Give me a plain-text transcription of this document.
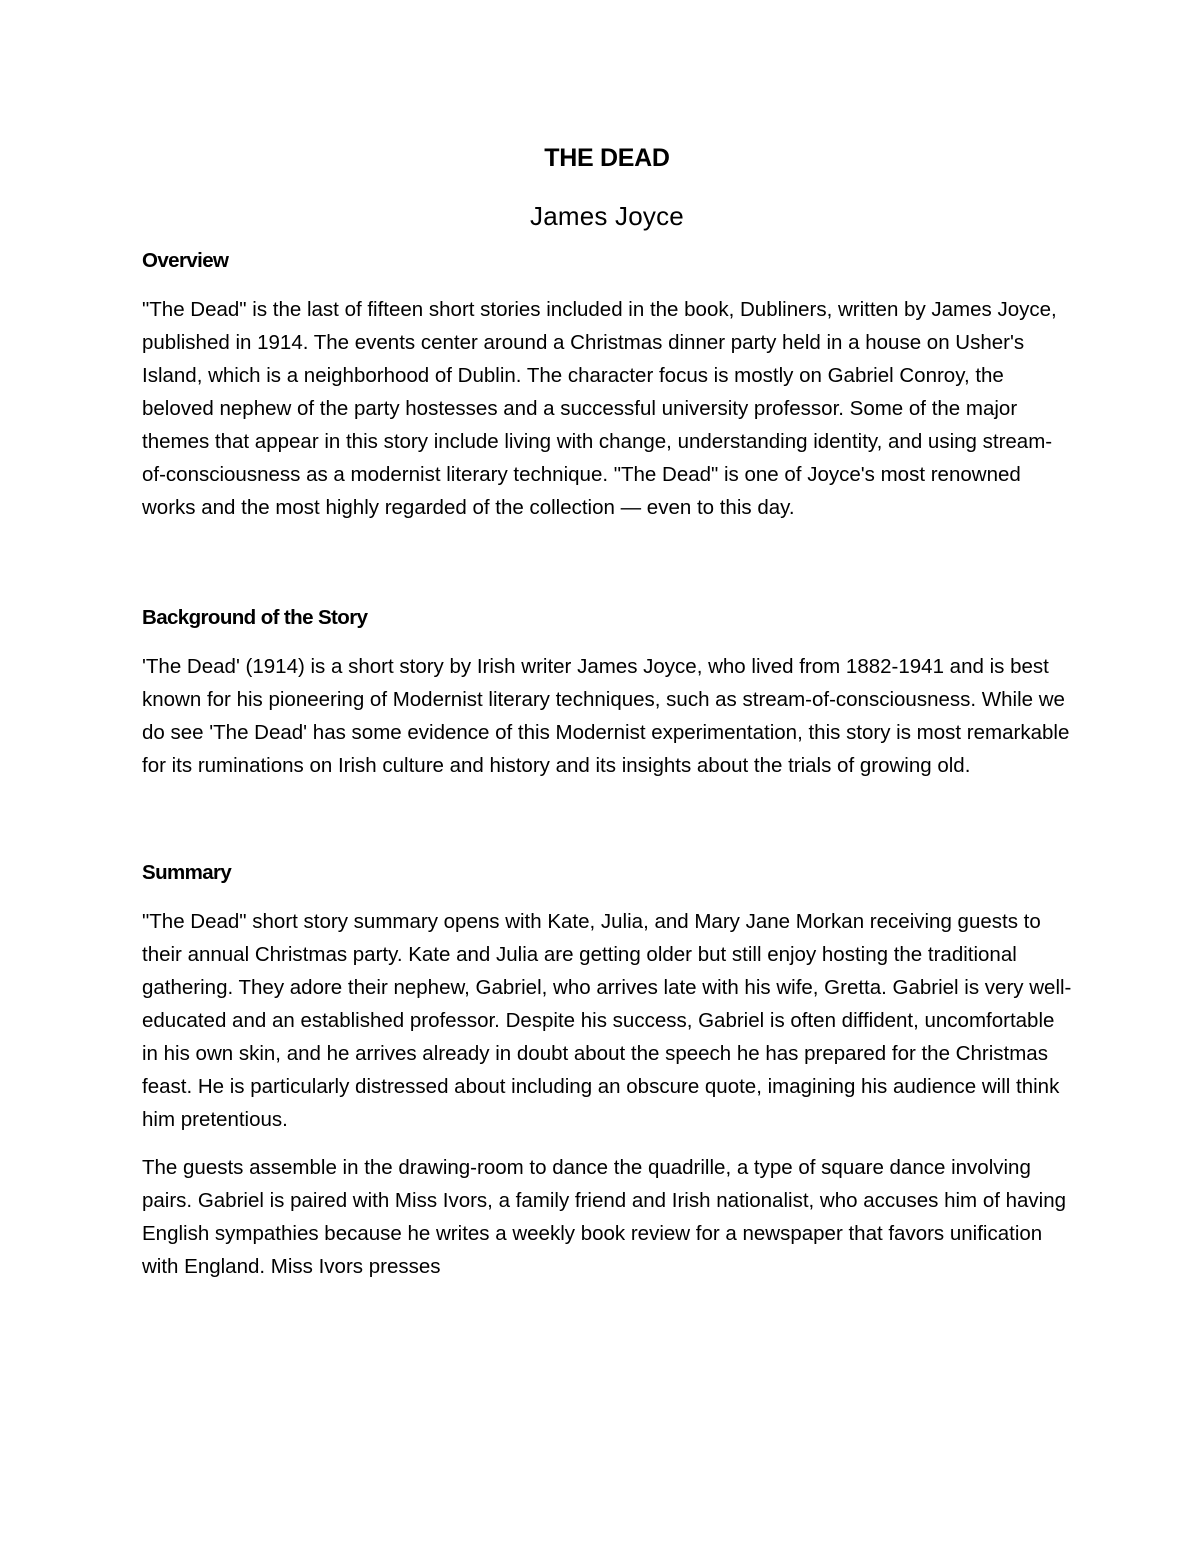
THE DEAD
James Joyce
Overview

"The Dead" is the last of fifteen short stories included in the book, Dubliners, written by James Joyce, published in 1914. The events center around a Christmas dinner party held in a house on Usher's Island, which is a neighborhood of Dublin. The character focus is mostly on Gabriel Conroy, the beloved nephew of the party hostesses and a successful university professor. Some of the major themes that appear in this story include living with change, understanding identity, and using stream-of-consciousness as a modernist literary technique. "The Dead" is one of Joyce's most renowned works and the most highly regarded of the collection — even to this day.

Background of the Story

'The Dead' (1914) is a short story by Irish writer James Joyce, who lived from 1882-1941 and is best known for his pioneering of Modernist literary techniques, such as stream-of-consciousness. While we do see 'The Dead' has some evidence of this Modernist experimentation, this story is most remarkable for its ruminations on Irish culture and history and its insights about the trials of growing old.

Summary

"The Dead" short story summary opens with Kate, Julia, and Mary Jane Morkan receiving guests to their annual Christmas party. Kate and Julia are getting older but still enjoy hosting the traditional gathering. They adore their nephew, Gabriel, who arrives late with his wife, Gretta. Gabriel is very well-educated and an established professor. Despite his success, Gabriel is often diffident, uncomfortable in his own skin, and he arrives already in doubt about the speech he has prepared for the Christmas feast. He is particularly distressed about including an obscure quote, imagining his audience will think him pretentious.

The guests assemble in the drawing-room to dance the quadrille, a type of square dance involving pairs. Gabriel is paired with Miss Ivors, a family friend and Irish nationalist, who accuses him of having English sympathies because he writes a weekly book review for a newspaper that favors unification with England. Miss Ivors presses
